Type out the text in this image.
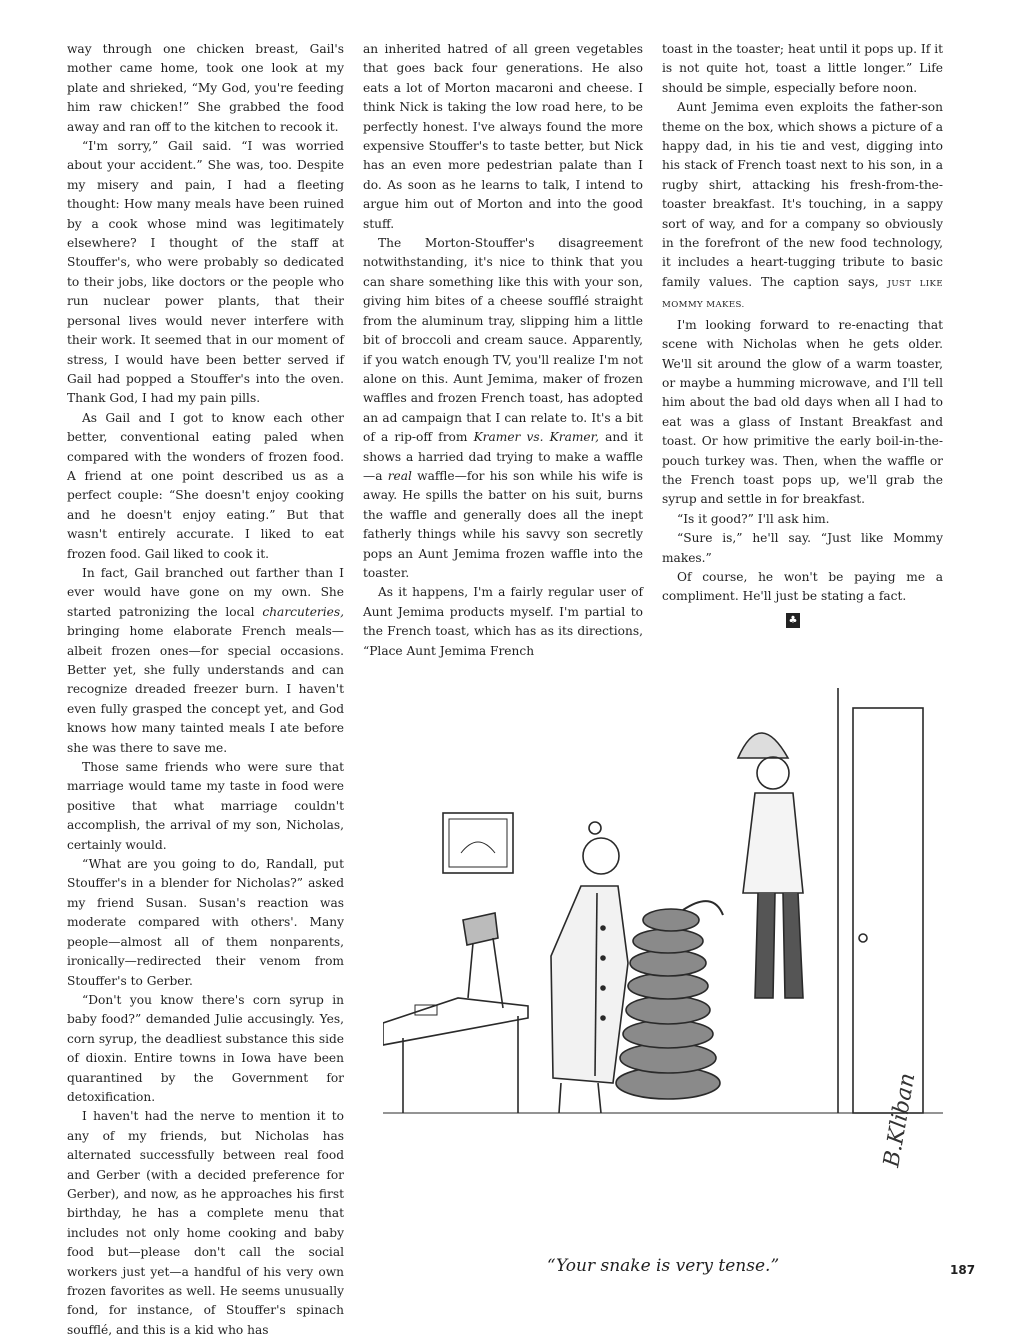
way through one chicken breast, Gail's mother came home, took one look at my plate and shrieked, “My God, you're feeding him raw chicken!” She grabbed the food away and ran off to the kitchen to recook it.

“I'm sorry,” Gail said. “I was worried about your accident.” She was, too. Despite my misery and pain, I had a fleeting thought: How many meals have been ruined by a cook whose mind was legitimately elsewhere? I thought of the staff at Stouffer's, who were probably so dedicated to their jobs, like doctors or the people who run nuclear power plants, that their personal lives would never interfere with their work. It seemed that in our moment of stress, I would have been better served if Gail had popped a Stouffer's into the oven. Thank God, I had my pain pills.

As Gail and I got to know each other better, conventional eating paled when compared with the wonders of frozen food. A friend at one point described us as a perfect couple: “She doesn't enjoy cooking and he doesn't enjoy eating.” But that wasn't entirely accurate. I liked to eat frozen food. Gail liked to cook it.

In fact, Gail branched out farther than I ever would have gone on my own. She started patronizing the local charcuteries, bringing home elaborate French meals—albeit frozen ones—for special occasions. Better yet, she fully understands and can recognize dreaded freezer burn. I haven't even fully grasped the concept yet, and God knows how many tainted meals I ate before she was there to save me.

Those same friends who were sure that marriage would tame my taste in food were positive that what marriage couldn't accomplish, the arrival of my son, Nicholas, certainly would.

“What are you going to do, Randall, put Stouffer's in a blender for Nicholas?” asked my friend Susan. Susan's reaction was moderate compared with others'. Many people—almost all of them nonparents, ironically—redirected their venom from Stouffer's to Gerber.

“Don't you know there's corn syrup in baby food?” demanded Julie accusingly. Yes, corn syrup, the deadliest substance this side of dioxin. Entire towns in Iowa have been quarantined by the Government for detoxification.

I haven't had the nerve to mention it to any of my friends, but Nicholas has alternated successfully between real food and Gerber (with a decided preference for Gerber), and now, as he approaches his first birthday, he has a complete menu that includes not only home cooking and baby food but—please don't call the social workers just yet—a handful of his very own frozen favorites as well. He seems unusually fond, for instance, of Stouffer's spinach soufflé, and this is a kid who has

an inherited hatred of all green vegetables that goes back four generations. He also eats a lot of Morton macaroni and cheese. I think Nick is taking the low road here, to be perfectly honest. I've always found the more expensive Stouffer's to taste better, but Nick has an even more pedestrian palate than I do. As soon as he learns to talk, I intend to argue him out of Morton and into the good stuff.

The Morton-Stouffer's disagreement notwithstanding, it's nice to think that you can share something like this with your son, giving him bites of a cheese soufflé straight from the aluminum tray, slipping him a little bit of broccoli and cream sauce. Apparently, if you watch enough TV, you'll realize I'm not alone on this. Aunt Jemima, maker of frozen waffles and frozen French toast, has adopted an ad campaign that I can relate to. It's a bit of a rip-off from Kramer vs. Kramer, and it shows a harried dad trying to make a waffle—a real waffle—for his son while his wife is away. He spills the batter on his suit, burns the waffle and generally does all the inept fatherly things while his savvy son secretly pops an Aunt Jemima frozen waffle into the toaster.

As it happens, I'm a fairly regular user of Aunt Jemima products myself. I'm partial to the French toast, which has as its directions, “Place Aunt Jemima French

toast in the toaster; heat until it pops up. If it is not quite hot, toast a little longer.” Life should be simple, especially before noon.

Aunt Jemima even exploits the father-son theme on the box, which shows a picture of a happy dad, in his tie and vest, digging into his stack of French toast next to his son, in a rugby shirt, attacking his fresh-from-the-toaster breakfast. It's touching, in a sappy sort of way, and for a company so obviously in the forefront of the new food technology, it includes a heart-tugging tribute to basic family values. The caption says, JUST LIKE MOMMY MAKES.

I'm looking forward to re-enacting that scene with Nicholas when he gets older. We'll sit around the glow of a warm toaster, or maybe a humming microwave, and I'll tell him about the bad old days when all I had to eat was a glass of Instant Breakfast and toast. Or how primitive the early boil-in-the-pouch turkey was. Then, when the waffle or the French toast pops up, we'll grab the syrup and settle in for breakfast.

“Is it good?” I'll ask him.

“Sure is,” he'll say. “Just like Mommy makes.”

Of course, he won't be paying me a compliment. He'll just be stating a fact.

♣
B.Kliban
“Your snake is very tense.”	187
